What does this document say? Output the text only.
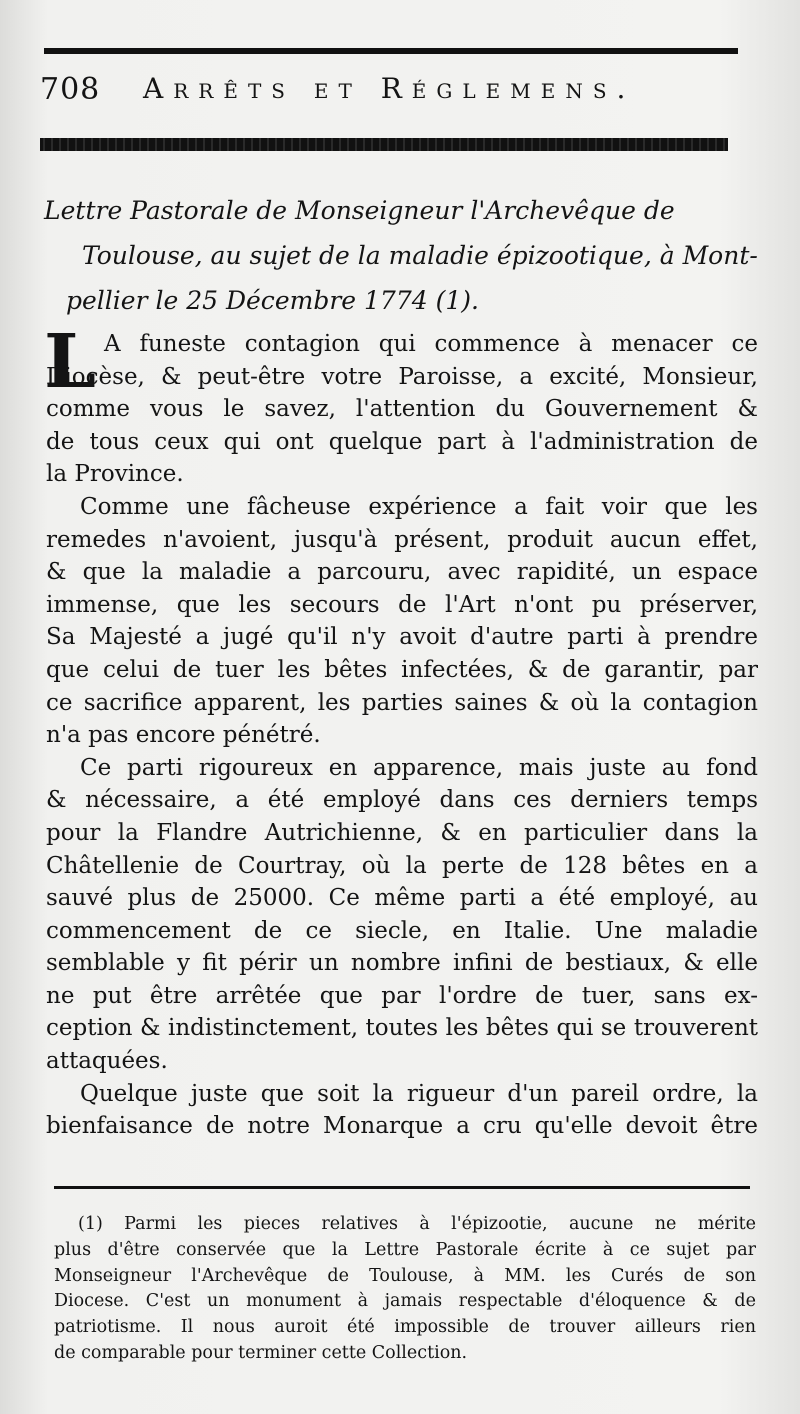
708 Arrêts et Réglemens.
Lettre Pastorale de Monseigneur l'Archevêque de
Toulouse, au sujet de la maladie épizootique, à Mont-
pellier le 25 Décembre 1774 (1).
L A funeste contagion qui commence à menacer ce
Diocèse, & peut-être votre Paroisse, a excité, Monsieur,
comme vous le savez, l'attention du Gouvernement &
de tous ceux qui ont quelque part à l'administration de
la Province.
Comme une fâcheuse expérience a fait voir que les
remedes n'avoient, jusqu'à présent, produit aucun effet,
& que la maladie a parcouru, avec rapidité, un espace
immense, que les secours de l'Art n'ont pu préserver,
Sa Majesté a jugé qu'il n'y avoit d'autre parti à prendre
que celui de tuer les bêtes infectées, & de garantir, par
ce sacrifice apparent, les parties saines & où la contagion
n'a pas encore pénétré.
Ce parti rigoureux en apparence, mais juste au fond
& nécessaire, a été employé dans ces derniers temps
pour la Flandre Autrichienne, & en particulier dans la
Châtellenie de Courtray, où la perte de 128 bêtes en a
sauvé plus de 25000. Ce même parti a été employé, au
commencement de ce siecle, en Italie. Une maladie
semblable y fit périr un nombre infini de bestiaux, & elle
ne put être arrêtée que par l'ordre de tuer, sans ex-
ception & indistinctement, toutes les bêtes qui se trouverent
attaquées.
Quelque juste que soit la rigueur d'un pareil ordre, la
bienfaisance de notre Monarque a cru qu'elle devoit être
(1) Parmi les pieces relatives à l'épizootie, aucune ne mérite
plus d'être conservée que la Lettre Pastorale écrite à ce sujet par
Monseigneur l'Archevêque de Toulouse, à MM. les Curés de son
Diocese. C'est un monument à jamais respectable d'éloquence & de
patriotisme. Il nous auroit été impossible de trouver ailleurs rien
de comparable pour terminer cette Collection.
